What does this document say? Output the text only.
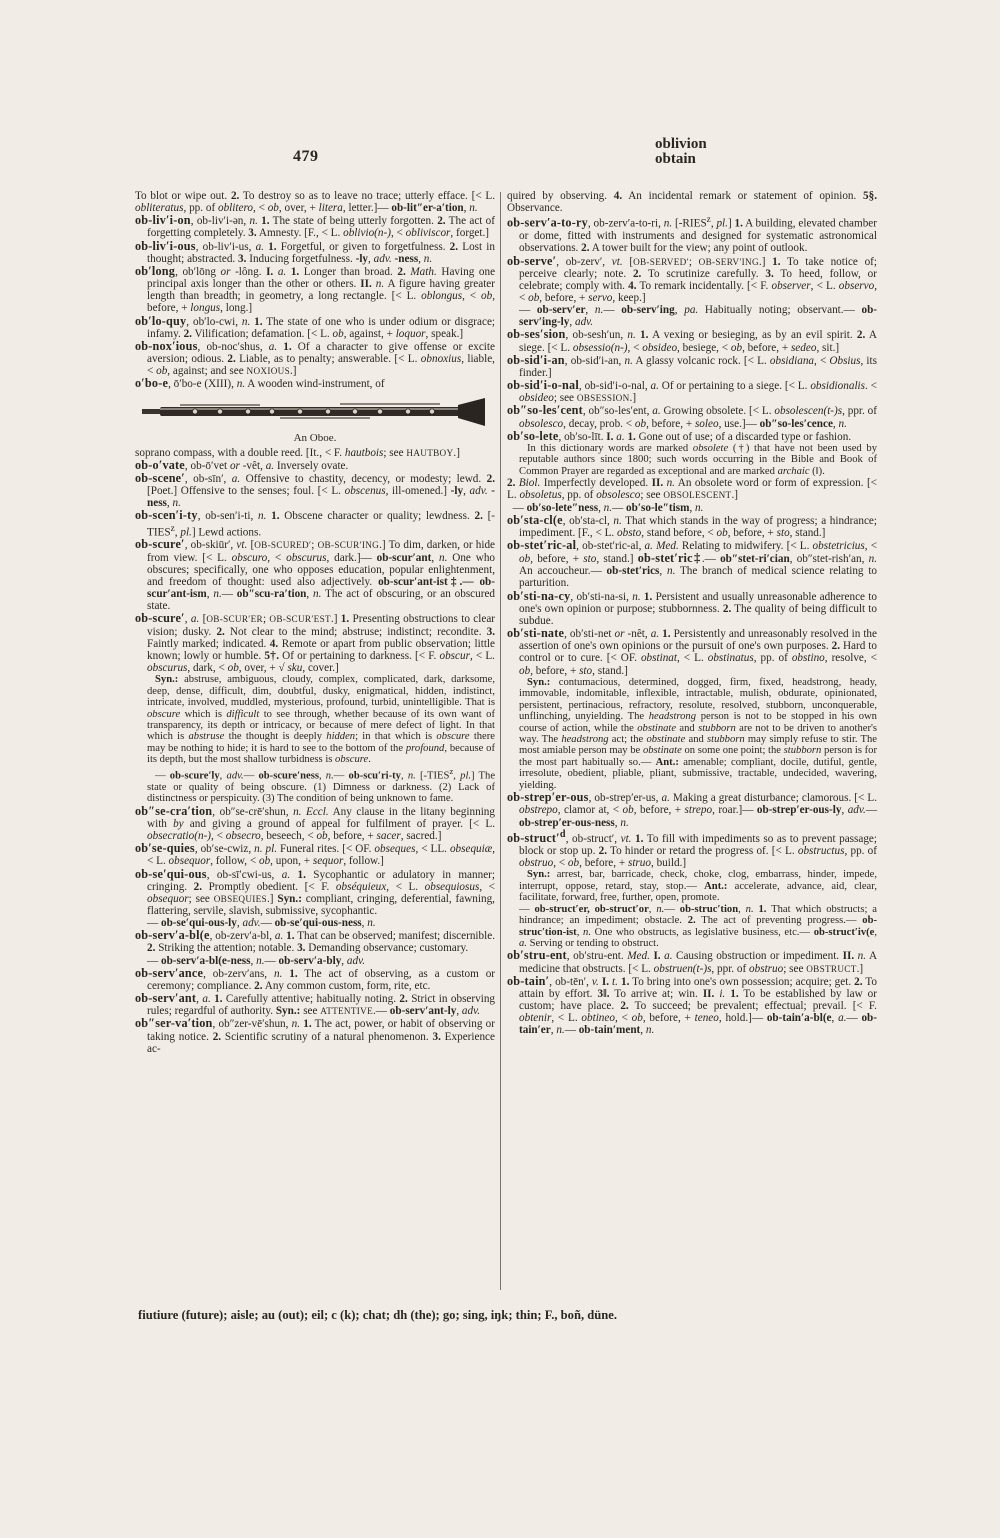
479
oblivion
obtain

To blot or wipe out. 2. To destroy so as to leave no trace; utterly efface. [< L. obliteratus, pp. of oblitero, < ob, over, + litera, letter.]— ob-lit″er-a′tion, n.

ob-liv′i-on, ob-liv′i-ən, n. 1. The state of being utterly forgotten. 2. The act of forgetting completely. 3. Amnesty. [F., < L. oblivio(n-), < obliviscor, forget.]

ob-liv′i-ous, ob-liv′i-us, a. 1. Forgetful, or given to forgetfulness. 2. Lost in thought; abstracted. 3. Inducing forgetfulness. -ly, adv. -ness, n.

ob′long, ob′lōng or -lông. I. a. 1. Longer than broad. 2. Math. Having one principal axis longer than the other or others. II. n. A figure having greater length than breadth; in geometry, a long rectangle. [< L. oblongus, < ob, before, + longus, long.]

ob′lo-quy, ob′lo-cwi, n. 1. The state of one who is under odium or disgrace; infamy. 2. Vilification; defamation. [< L. ob, against, + loquor, speak.]

ob-nox′ious, ob-noc′shus, a. 1. Of a character to give offense or excite aversion; odious. 2. Liable, as to penalty; answerable. [< L. obnoxius, liable, < ob, against; and see NOXIOUS.]

o′bo-e, ō′bo-e (XIII), n. A wooden wind-instrument, of

An Oboe.

soprano compass, with a double reed. [It., < F. hautbois; see HAUTBOY.]

ob-o′vate, ob-ō′vet or -vêt, a. Inversely ovate.

ob-scene′, ob-sīn′, a. Offensive to chastity, decency, or modesty; lewd. 2. [Poet.] Offensive to the senses; foul. [< L. obscenus, ill-omened.] -ly, adv. -ness, n.

ob-scen′i-ty, ob-sen′i-ti, n. 1. Obscene character or quality; lewdness. 2. [-TIES$^z$, pl.] Lewd actions.

ob-scure′, ob-skiūr′, vt. [OB-SCURED′; OB-SCUR′ING.] To dim, darken, or hide from view. [< L. obscuro, < obscurus, dark.]— ob-scur′ant, n. One who obscures; specifically, one who opposes education, popular enlightenment, and freedom of thought: used also adjectively. ob-scur′ant-ist‡.— ob-scur′ant-ism, n.— ob″scu-ra′tion, n. The act of obscuring, or an obscured state.

ob-scure′, a. [OB-SCUR′ER; OB-SCUR′EST.] 1. Presenting obstructions to clear vision; dusky. 2. Not clear to the mind; abstruse; indistinct; recondite. 3. Faintly marked; indicated. 4. Remote or apart from public observation; little known; lowly or humble. 5†. Of or pertaining to darkness. [< F. obscur, < L. obscurus, dark, < ob, over, + √ sku, cover.]

Syn.: abstruse, ambiguous, cloudy, complex, complicated, dark, darksome, deep, dense, difficult, dim, doubtful, dusky, enigmatical, hidden, indistinct, intricate, involved, muddled, mysterious, profound, turbid, unintelligible. That is obscure which is difficult to see through, whether because of its own want of transparency, its depth or intricacy, or because of mere defect of light. In that which is abstruse the thought is deeply hidden; in that which is obscure there may be nothing to hide; it is hard to see to the bottom of the profound, because of its depth, but the most shallow turbidness is obscure.

— ob-scure′ly, adv.— ob-scure′ness, n.— ob-scu′ri-ty, n. [-TIES$^z$, pl.] The state or quality of being obscure. (1) Dimness or darkness. (2) Lack of distinctness or perspicuity. (3) The condition of being unknown to fame.

ob″se-cra′tion, ob″se-crē′shun, n. Eccl. Any clause in the litany beginning with by and giving a ground of appeal for fulfilment of prayer. [< L. obsecratio(n-), < obsecro, beseech, < ob, before, + sacer, sacred.]

ob′se-quies, ob′se-cwiz, n. pl. Funeral rites. [< OF. obseques, < LL. obsequiæ, < L. obsequor, follow, < ob, upon, + sequor, follow.]

ob-se′qui-ous, ob-sī′cwi-us, a. 1. Sycophantic or adulatory in manner; cringing. 2. Promptly obedient. [< F. obséquieux, < L. obsequiosus, < obsequor; see OBSEQUIES.] Syn.: compliant, cringing, deferential, fawning, flattering, servile, slavish, submissive, sycophantic.
— ob-se′qui-ous-ly, adv.— ob-se′qui-ous-ness, n.

ob-serv′a-bl(e, ob-zerv′a-bl, a. 1. That can be observed; manifest; discernible. 2. Striking the attention; notable. 3. Demanding observance; customary.
— ob-serv′a-bl(e-ness, n.— ob-serv′a-bly, adv.

ob-serv′ance, ob-zerv′ans, n. 1. The act of observing, as a custom or ceremony; compliance. 2. Any common custom, form, rite, etc.

ob-serv′ant, a. 1. Carefully attentive; habitually noting. 2. Strict in observing rules; regardful of authority. Syn.: see ATTENTIVE.— ob-serv′ant-ly, adv.

ob″ser-va′tion, ob″zer-vē′shun, n. 1. The act, power, or habit of observing or taking notice. 2. Scientific scrutiny of a natural phenomenon. 3. Experience ac-

quired by observing. 4. An incidental remark or statement of opinion. 5§. Observance.

ob-serv′a-to-ry, ob-zerv′a-to-ri, n. [-RIES$^z$, pl.] 1. A building, elevated chamber or dome, fitted with instruments and designed for systematic astronomical observations. 2. A tower built for the view; any point of outlook.

ob-serve′, ob-zerv′, vt. [OB-SERVED′; OB-SERV′ING.] 1. To take notice of; perceive clearly; note. 2. To scrutinize carefully. 3. To heed, follow, or celebrate; comply with. 4. To remark incidentally. [< F. observer, < L. observo, < ob, before, + servo, keep.]
— ob-serv′er, n.— ob-serv′ing, pa. Habitually noting; observant.— ob-serv′ing-ly, adv.

ob-ses′sion, ob-sesh′un, n. 1. A vexing or besieging, as by an evil spirit. 2. A siege. [< L. obsessio(n-), < obsideo, besiege, < ob, before, + sedeo, sit.]

ob-sid′i-an, ob-sid′i-an, n. A glassy volcanic rock. [< L. obsidiana, < Obsius, its finder.]

ob-sid′i-o-nal, ob-sid′i-o-nal, a. Of or pertaining to a siege. [< L. obsidionalis. < obsideo; see OBSESSION.]

ob″so-les′cent, ob″so-les′ent, a. Growing obsolete. [< L. obsolescen(t-)s, ppr. of obsolesco, decay, prob. < ob, before, + soleo, use.]— ob″so-les′cence, n.

ob′so-lete, ob′so-līt. I. a. 1. Gone out of use; of a discarded type or fashion.

In this dictionary words are marked obsolete (†) that have not been used by reputable authors since 1800; such words occurring in the Bible and Book of Common Prayer are regarded as exceptional and are marked archaic (‖).

2. Biol. Imperfectly developed. II. n. An obsolete word or form of expression. [< L. obsoletus, pp. of obsolesco; see OBSOLESCENT.]
— ob′so-lete″ness, n.— ob′so-le″tism, n.

ob′sta-cl(e, ob′sta-cl, n. That which stands in the way of progress; a hindrance; impediment. [F., < L. obsto, stand before, < ob, before, + sto, stand.]

ob-stet′ric-al, ob-stet′ric-al, a. Med. Relating to midwifery. [< L. obstetricius, < ob, before, + sto, stand.] ob-stet′ric‡.— ob″stet-ri′cian, ob″stet-rish′an, n. An accoucheur.— ob-stet′rics, n. The branch of medical science relating to parturition.

ob′sti-na-cy, ob′sti-na-si, n. 1. Persistent and usually unreasonable adherence to one's own opinion or purpose; stubbornness. 2. The quality of being difficult to subdue.

ob′sti-nate, ob′sti-net or -nêt, a. 1. Persistently and unreasonably resolved in the assertion of one's own opinions or the pursuit of one's own purposes. 2. Hard to control or to cure. [< OF. obstinat, < L. obstinatus, pp. of obstino, resolve, < ob, before, + sto, stand.]

Syn.: contumacious, determined, dogged, firm, fixed, headstrong, heady, immovable, indomitable, inflexible, intractable, mulish, obdurate, opinionated, persistent, pertinacious, refractory, resolute, resolved, stubborn, unconquerable, unflinching, unyielding. The headstrong person is not to be stopped in his own course of action, while the obstinate and stubborn are not to be driven to another's way. The headstrong act; the obstinate and stubborn may simply refuse to stir. The most amiable person may be obstinate on some one point; the stubborn person is for the most part habitually so.— Ant.: amenable; compliant, docile, dutiful, gentle, irresolute, obedient, pliable, pliant, submissive, tractable, undecided, wavering, yielding.

ob-strep′er-ous, ob-strep′er-us, a. Making a great disturbance; clamorous. [< L. obstrepo, clamor at, < ob, before, + strepo, roar.]— ob-strep′er-ous-ly, adv.— ob-strep′er-ous-ness, n.

$ob-struct'^d$, ob-struct′, vt. 1. To fill with impediments so as to prevent passage; block or stop up. 2. To hinder or retard the progress of. [< L. obstructus, pp. of obstruo, < ob, before, + struo, build.]

Syn.: arrest, bar, barricade, check, choke, clog, embarrass, hinder, impede, interrupt, oppose, retard, stay, stop.— Ant.: accelerate, advance, aid, clear, facilitate, forward, free, further, open, promote.
— ob-struct′er, ob-struct′or, n.— ob-struc′tion, n. 1. That which obstructs; a hindrance; an impediment; obstacle. 2. The act of preventing progress.— ob-struc′tion-ist, n. One who obstructs, as legislative business, etc.— ob-struct′iv(e, a. Serving or tending to obstruct.

ob′stru-ent, ob′stru-ent. Med. I. a. Causing obstruction or impediment. II. n. A medicine that obstructs. [< L. obstruen(t-)s, ppr. of obstruo; see OBSTRUCT.]

ob-tain′, ob-tēn′, v. I. t. 1. To bring into one's own possession; acquire; get. 2. To attain by effort. 3‖. To arrive at; win. II. i. 1. To be established by law or custom; have place. 2. To succeed; be prevalent; effectual; prevail. [< F. obtenir, < L. obtineo, < ob, before, + teneo, hold.]— ob-tain′a-bl(e, a.— ob-tain′er, n.— ob-tain′ment, n.

fiutiure (future); aisle; au (out); eil; c (k); chat; dh (the); go; sing, iŋk; thin; F., boñ, düne.
